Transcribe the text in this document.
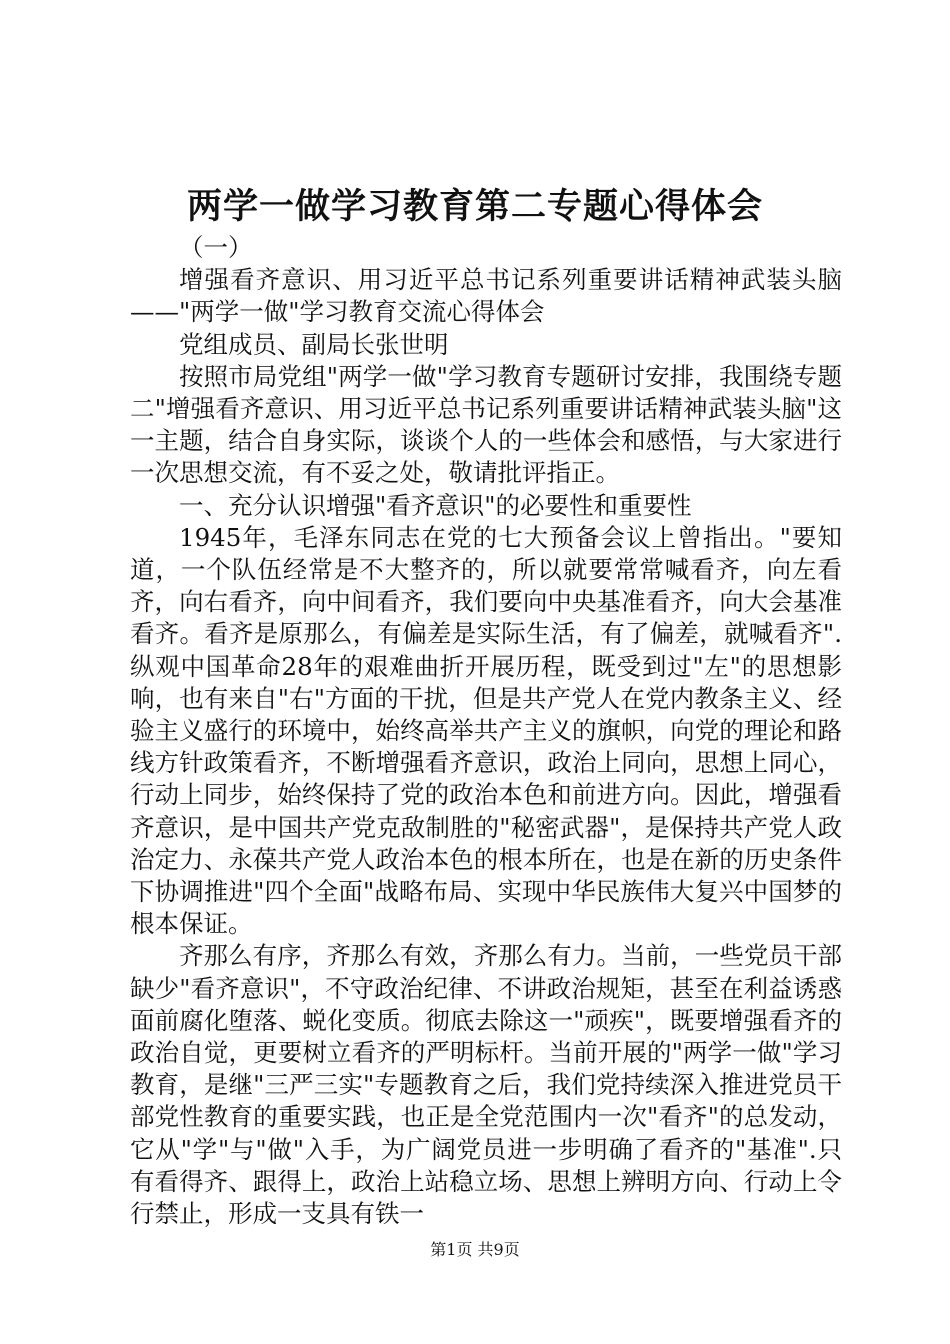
两学一做学习教育第二专题心得体会

（一）

增强看齐意识、用习近平总书记系列重要讲话精神武装头脑——"两学一做"学习教育交流心得体会

党组成员、副局长张世明

按照市局党组"两学一做"学习教育专题研讨安排，我围绕专题二"增强看齐意识、用习近平总书记系列重要讲话精神武装头脑"这一主题，结合自身实际，谈谈个人的一些体会和感悟，与大家进行一次思想交流，有不妥之处，敬请批评指正。

一、充分认识增强"看齐意识"的必要性和重要性

1945年，毛泽东同志在党的七大预备会议上曾指出。"要知道，一个队伍经常是不大整齐的，所以就要常常喊看齐，向左看齐，向右看齐，向中间看齐，我们要向中央基准看齐，向大会基准看齐。看齐是原那么，有偏差是实际生活，有了偏差，就喊看齐".纵观中国革命28年的艰难曲折开展历程，既受到过"左"的思想影响，也有来自"右"方面的干扰，但是共产党人在党内教条主义、经验主义盛行的环境中，始终高举共产主义的旗帜，向党的理论和路线方针政策看齐，不断增强看齐意识，政治上同向，思想上同心，行动上同步，始终保持了党的政治本色和前进方向。因此，增强看齐意识，是中国共产党克敌制胜的"秘密武器"，是保持共产党人政治定力、永葆共产党人政治本色的根本所在，也是在新的历史条件下协调推进"四个全面"战略布局、实现中华民族伟大复兴中国梦的根本保证。

齐那么有序，齐那么有效，齐那么有力。当前，一些党员干部缺少"看齐意识"，不守政治纪律、不讲政治规矩，甚至在利益诱惑面前腐化堕落、蜕化变质。彻底去除这一"顽疾"，既要增强看齐的政治自觉，更要树立看齐的严明标杆。当前开展的"两学一做"学习教育，是继"三严三实"专题教育之后，我们党持续深入推进党员干部党性教育的重要实践，也正是全党范围内一次"看齐"的总发动，它从"学"与"做"入手，为广阔党员进一步明确了看齐的"基准".只有看得齐、跟得上，政治上站稳立场、思想上辨明方向、行动上令行禁止，形成一支具有铁一

第1页 共9页
